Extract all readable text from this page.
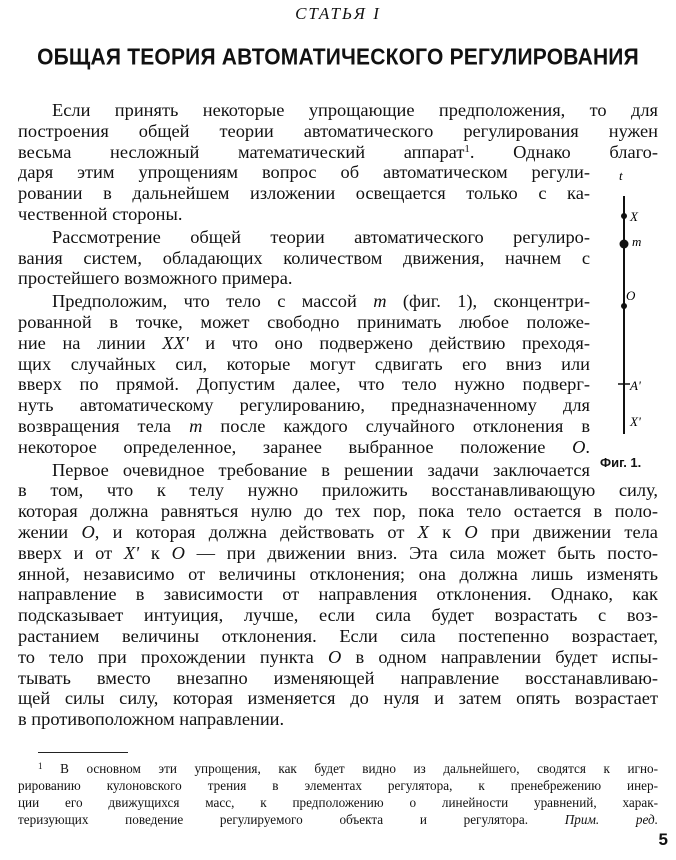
СТАТЬЯ I
ОБЩАЯ ТЕОРИЯ АВТОМАТИЧЕСКОГО РЕГУЛИРОВАНИЯ

Если принять некоторые упрощающие предположения, то для
построения общей теории автоматического регулирования нужен
весьма несложный математический аппарат$^1$. Однако благо-
даря этим упрощениям вопрос об автоматическом регули-
ровании в дальнейшем изложении освещается только с ка-
чественной стороны.

Рассмотрение общей теории автоматического регулиро-
вания систем, обладающих количеством движения, начнем с
простейшего возможного примера.

Предположим, что тело с массой m (фиг. 1), сконцентри-
рованной в точке, может свободно принимать любое положе-
ние на линии XX' и что оно подвержено действию преходя-
щих случайных сил, которые могут сдвигать его вниз или
вверх по прямой. Допустим далее, что тело нужно подверг-
нуть автоматическому регулированию, предназначенному для
возвращения тела m после каждого случайного отклонения в
некоторое определенное, заранее выбранное положение O.

Первое очевидное требование в решении задачи заключается
в том, что к телу нужно приложить восстанавливающую силу,
которая должна равняться нулю до тех пор, пока тело остается в поло-
жении O, и которая должна действовать от X к O при движении тела
вверх и от X' к O — при движении вниз. Эта сила может быть посто-
янной, независимо от величины отклонения; она должна лишь изменять
направление в зависимости от направления отклонения. Однако, как
подсказывает интуиция, лучше, если сила будет возрастать с воз-
растанием величины отклонения. Если сила постепенно возрастает,
то тело при прохождении пункта O в одном направлении будет испы-
тывать вместо внезапно изменяющей направление восстанавливаю-
щей силы силу, которая изменяется до нуля и затем опять возрастает
в противоположном направлении.

t
X
m
O
A'
X'
Фиг. 1.
$^1$ В основном эти упрощения, как будет видно из дальнейшего, сводятся к игно-
рированию кулоновского трения в элементах регулятора, к пренебрежению инер-
ции его движущихся масс, к предположению о линейности уравнений, харак-
теризующих поведение регулируемого объекта и регулятора.	Прим. ред.
5
